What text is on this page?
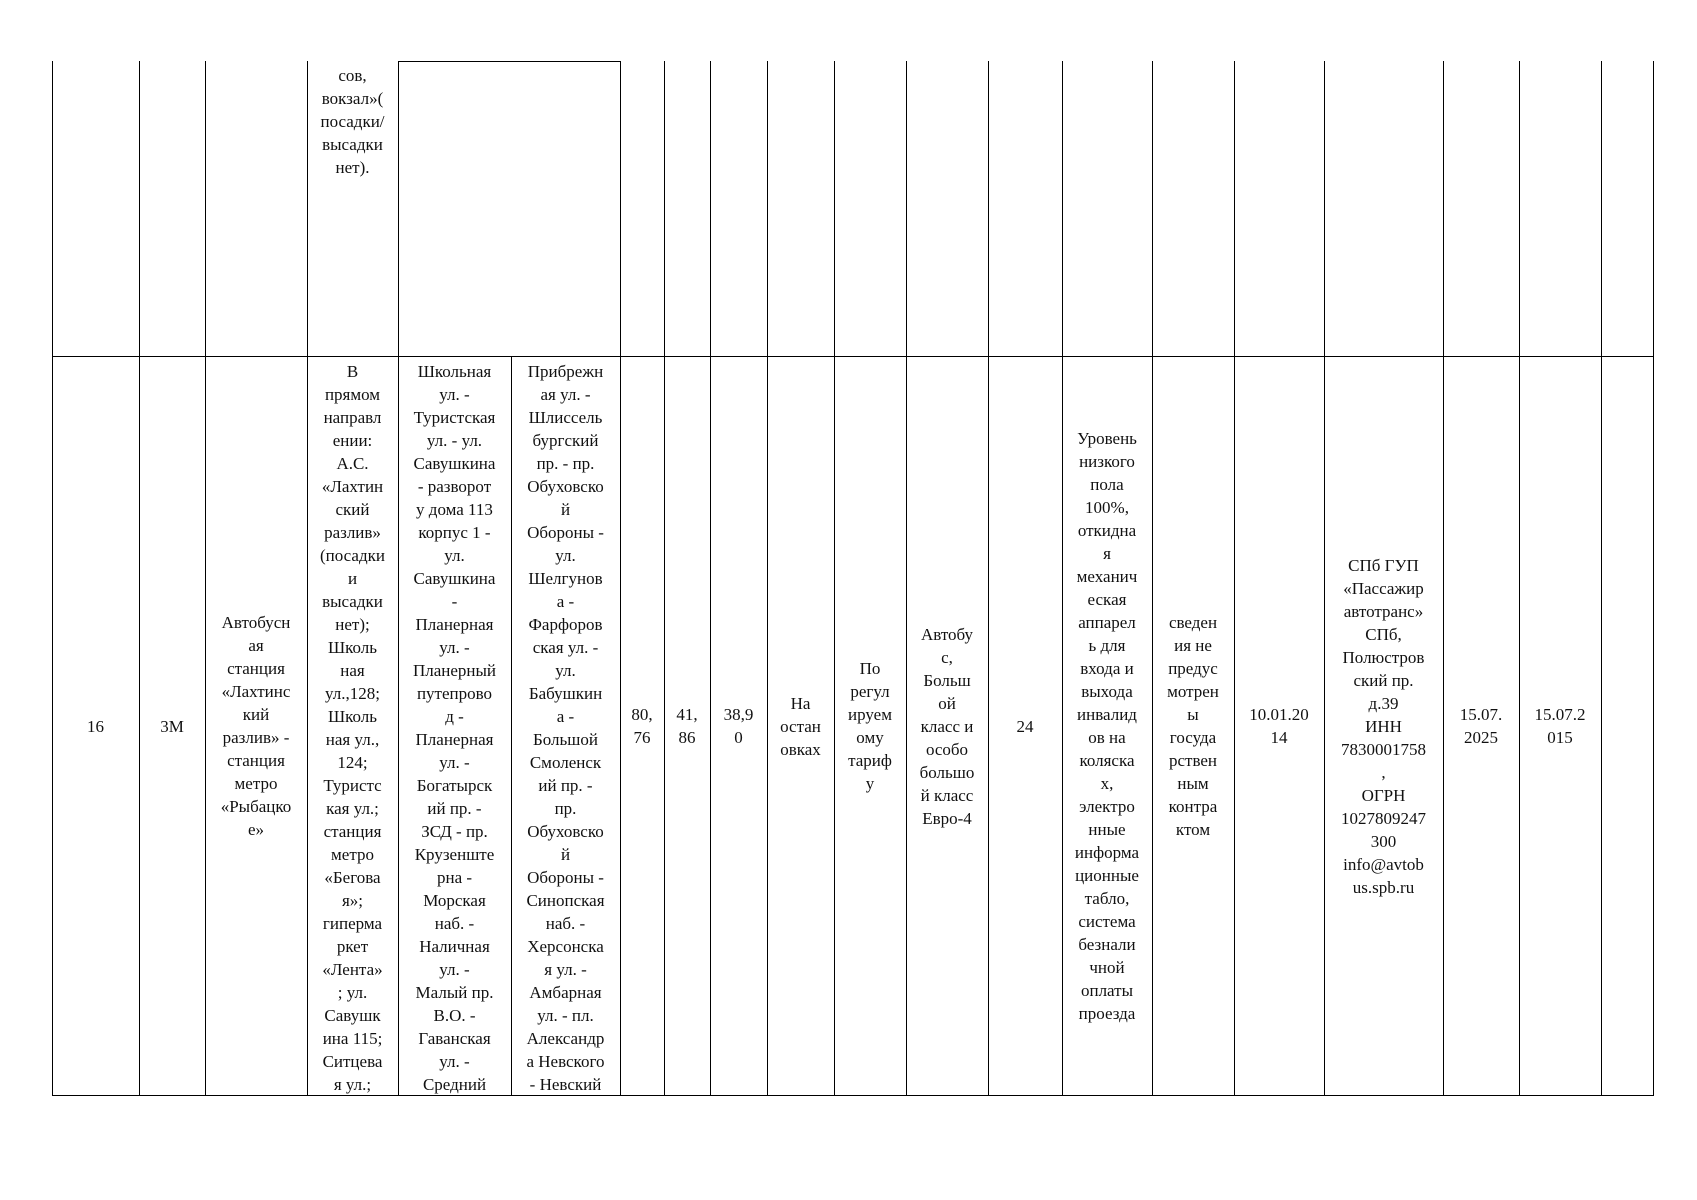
сов,
вокзал»(
посадки/
высадки
нет).
16	3М
Автобусн
ая
станция
«Лахтинс
кий
разлив» -
станция
метро
«Рыбацко
е»
В
прямом
направл
ении:
А.С.
«Лахтин
ский
разлив»
(посадки
и
высадки
нет);
Школь
ная
ул.,128;
Школь
ная ул.,
124;
Туристс
кая ул.;
станция
метро
«Бегова
я»;
гиперма
ркет
«Лента»
; ул.
Савушк
ина 115;
Ситцева
я ул.;
Школьная
ул. -
Туристская
ул. - ул.
Савушкина
- разворот
у дома 113
корпус 1 -
ул.
Савушкина
-
Планерная
ул. -
Планерный
путепрово
д -
Планерная
ул. -
Богатырск
ий пр. -
ЗСД - пр.
Крузенште
рна -
Морская
наб. -
Наличная
ул. -
Малый пр.
В.О. -
Гаванская
ул. -
Средний
Прибрежн
ая ул. -
Шлиссель
бургский
пр. - пр.
Обуховско
й
Обороны -
ул.
Шелгунов
а -
Фарфоров
ская ул. -
ул.
Бабушкин
а -
Большой
Смоленск
ий пр. -
пр.
Обуховско
й
Обороны -
Синопская
наб. -
Херсонска
я ул. -
Амбарная
ул. - пл.
Александр
а Невского
- Невский
80,
76
41,
86
38,9
0
На
остан
овках
По
регул
ируем
ому
тариф
у
Автобу
с,
Больш
ой
класс и
особо
большо
й класс
Евро-4
24
Уровень
низкого
пола
100%,
откидна
я
механич
еская
аппарел
ь для
входа и
выхода
инвалид
ов на
коляска
х,
электро
нные
информа
ционные
табло,
система
безнали
чной
оплаты
проезда
сведен
ия не
предус
мотрен
ы
госуда
рствен
ным
контра
ктом
10.01.20
14
СПб ГУП
«Пассажир
автотранс»
СПб,
Полюстров
ский пр.
д.39
ИНН
7830001758
,
ОГРН
1027809247
300
info@avtob
us.spb.ru
15.07.
2025
15.07.2
015
